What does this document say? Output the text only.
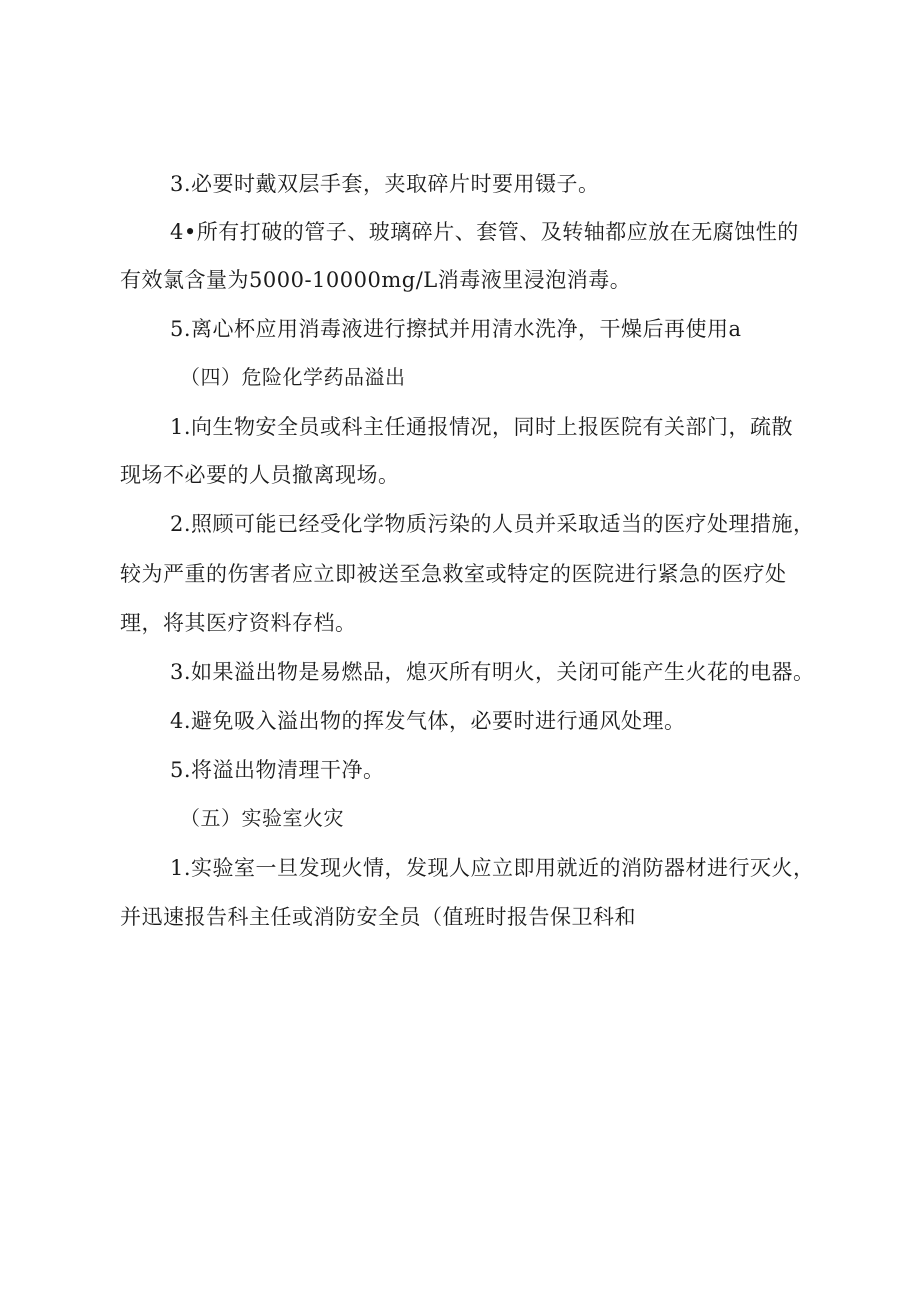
3.必要时戴双层手套，夹取碎片时要用镊子。
4•所有打破的管子、玻璃碎片、套管、及转轴都应放在无腐蚀性的
有效氯含量为5000-10000mg/L消毒液里浸泡消毒。
5.离心杯应用消毒液进行擦拭并用清水洗净，干燥后再使用a
（四）危险化学药品溢出
1.向生物安全员或科主任通报情况，同时上报医院有关部门，疏散
现场不必要的人员撤离现场。
2.照顾可能已经受化学物质污染的人员并采取适当的医疗处理措施，
较为严重的伤害者应立即被送至急救室或特定的医院进行紧急的医疗处
理，将其医疗资料存档。
3.如果溢出物是易燃品，熄灭所有明火，关闭可能产生火花的电器。
4.避免吸入溢出物的挥发气体，必要时进行通风处理。
5.将溢出物清理干净。
（五）实验室火灾
1.实验室一旦发现火情，发现人应立即用就近的消防器材进行灭火，
并迅速报告科主任或消防安全员（值班时报告保卫科和
